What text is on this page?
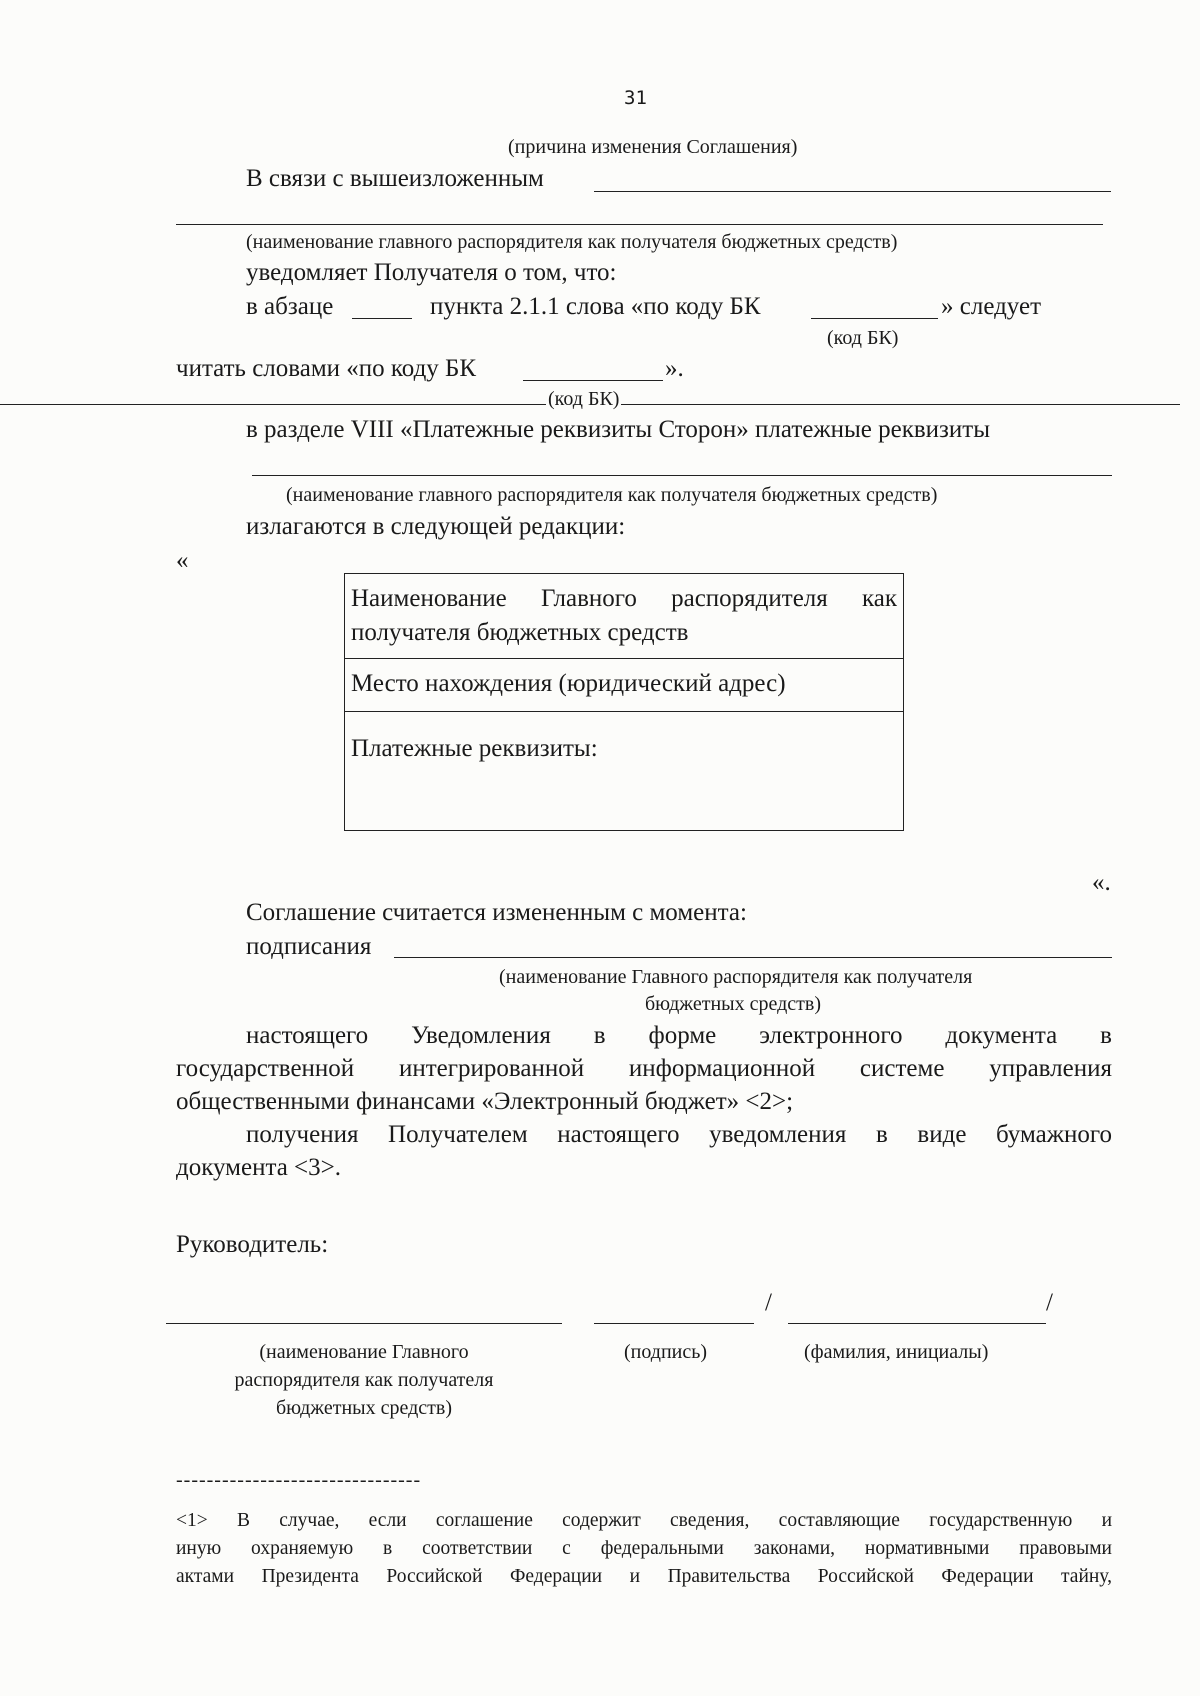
31
(причина изменения Соглашения)
В связи с вышеизложенным
(наименование главного распорядителя как получателя бюджетных средств)
уведомляет Получателя о том, что:
в абзаце	пункта 2.1.1 слова «по коду БК	» следует
(код БК)
читать словами «по коду БК	».
(код БК)
в разделе VIII «Платежные реквизиты Сторон» платежные реквизиты
(наименование главного распорядителя как получателя бюджетных средств)
излагаются в следующей редакции:
«
Наименование Главного распорядителя как
получателя бюджетных средств

Место нахождения (юридический адрес)
Платежные реквизиты:
«.
Соглашение считается измененным с момента:
подписания
(наименование Главного распорядителя как получателя
бюджетных средств)
настоящего Уведомления в форме электронного документа в
государственной интегрированной информационной системе управления
общественными финансами «Электронный бюджет» <2>;
получения Получателем настоящего уведомления в виде бумажного
документа <3>.
Руководитель:
/	/
(наименование Главного
распорядителя как получателя
бюджетных средств)
(подпись)	(фамилия, инициалы)
--------------------------------
<1> В случае, если соглашение содержит сведения, составляющие государственную и
иную охраняемую в соответствии с федеральными законами, нормативными правовыми
актами Президента Российской Федерации и Правительства Российской Федерации тайну,
